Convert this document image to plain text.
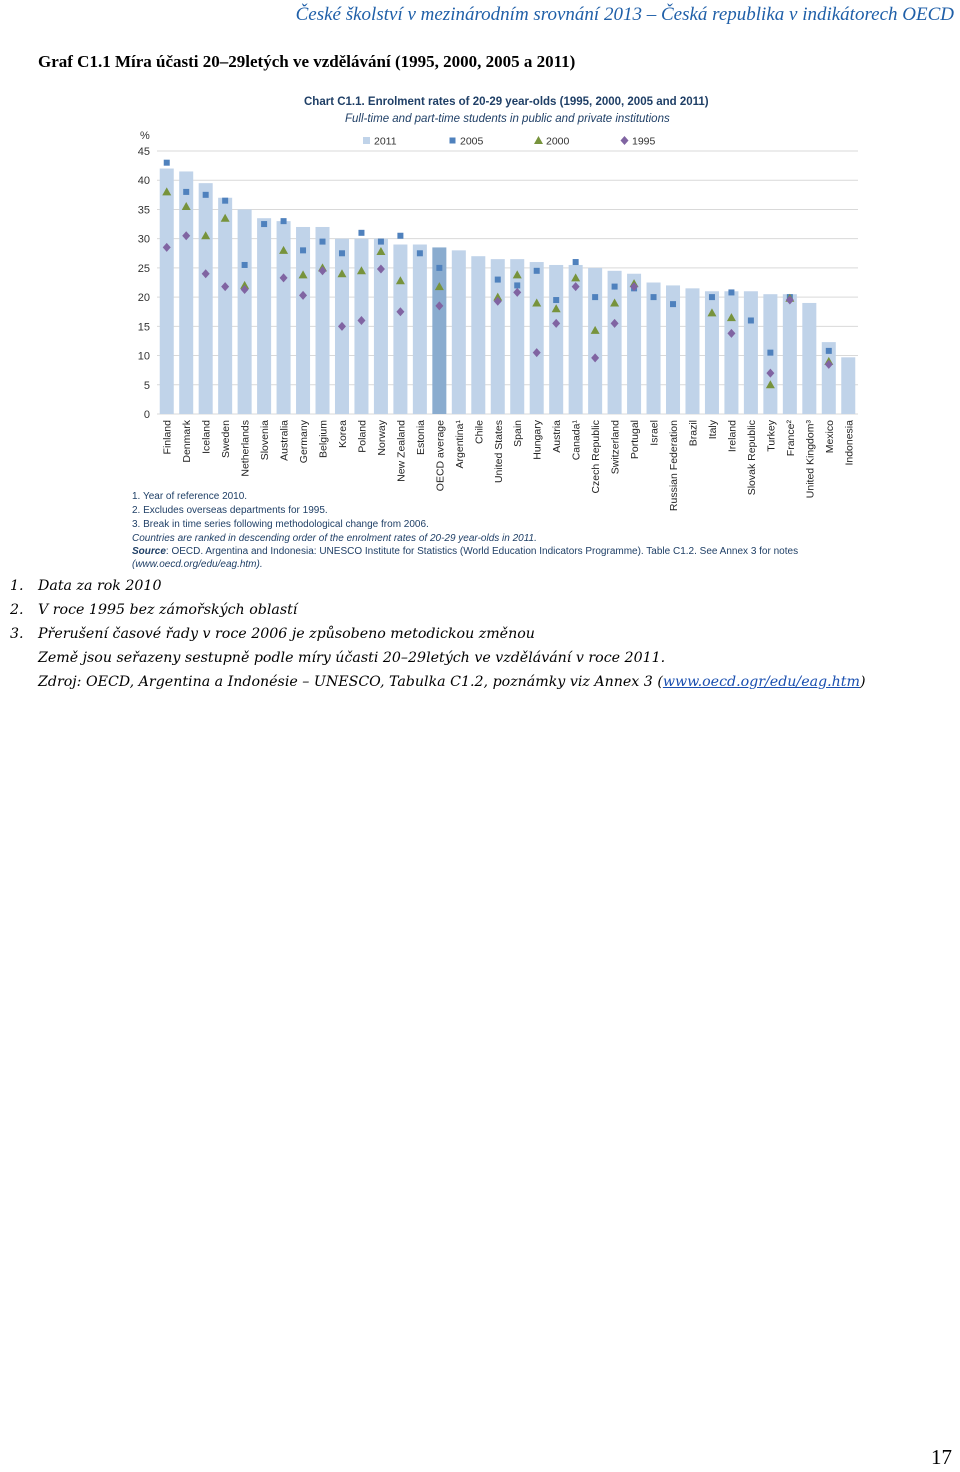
České školství v mezinárodním srovnání 2013 – Česká republika v indikátorech OECD
Graf C1.1 Míra účasti 20–29letých ve vzdělávání (1995, 2000, 2005 a 2011)
Chart C1.1. Enrolment rates of 20-29 year-olds (1995, 2000, 2005 and 2011)
Full-time and part-time students in public and private institutions
2011	2005	2000	1995
%
0
5
10
15
20
25
30
35
40
45
Finland Denmark Iceland Sweden Netherlands Slovenia Australia Germany Belgium Korea Poland Norway New Zealand Estonia OECD average Argentina¹ Chile United States Spain Hungary Austria Canada¹ Czech Republic Switzerland Portugal Israel Russian Federation Brazil Italy Ireland Slovak Republic Turkey France² United Kingdom³ Mexico Indonesia
1. Year of reference 2010.
2. Excludes overseas departments for 1995.
3. Break in time series following methodological change from 2006.
Countries are ranked in descending order of the enrolment rates of 20-29 year-olds in 2011.
Source: OECD. Argentina and Indonesia: UNESCO Institute for Statistics (World Education Indicators Programme). Table C1.2. See Annex 3 for notes
(www.oecd.org/edu/eag.htm).
1. Data za rok 2010
2. V roce 1995 bez zámořských oblastí
3. Přerušení časové řady v roce 2006 je způsobeno metodickou změnou
Země jsou seřazeny sestupně podle míry účasti 20–29letých ve vzdělávání v roce 2011.
Zdroj: OECD, Argentina a Indonésie – UNESCO, Tabulka C1.2, poznámky viz Annex 3 (www.oecd.ogr/edu/eag.htm)
17
